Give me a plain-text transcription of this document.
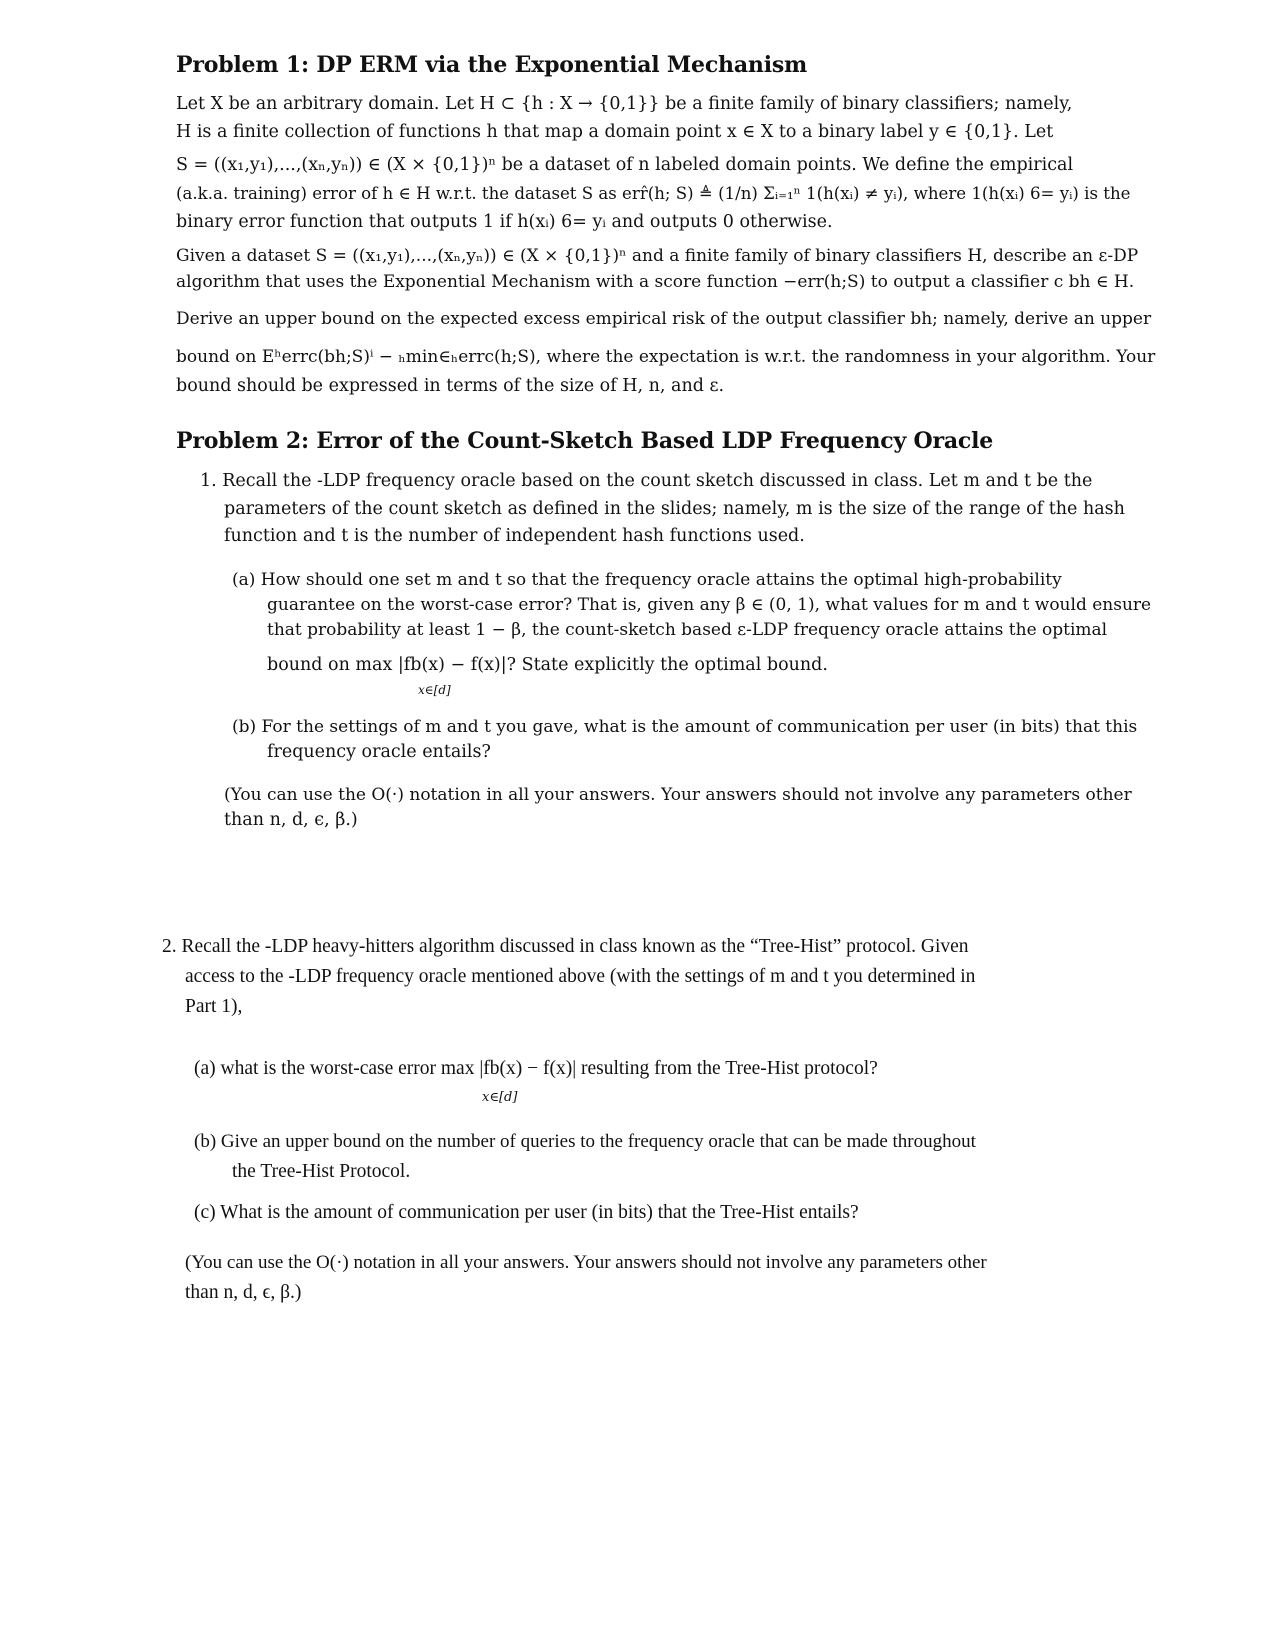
Problem 1: DP ERM via the Exponential Mechanism
Let X be an arbitrary domain. Let H ⊂ {h : X → {0,1}} be a finite family of binary classifiers; namely,
H is a finite collection of functions h that map a domain point x ∈ X to a binary label y ∈ {0,1}. Let
S = ((x₁,y₁),...,(xₙ,yₙ)) ∈ (X × {0,1})ⁿ be a dataset of n labeled domain points. We define the empirical
(a.k.a. training) error of h ∈ H w.r.t. the dataset S as err̂(h; S) ≜ (1/n) Σᵢ₌₁ⁿ 1(h(xᵢ) ≠ yᵢ), where 1(h(xᵢ) 6= yᵢ) is the
binary error function that outputs 1 if h(xᵢ) 6= yᵢ and outputs 0 otherwise.
Given a dataset S = ((x₁,y₁),...,(xₙ,yₙ)) ∈ (X × {0,1})ⁿ and a finite family of binary classifiers H, describe an ε-DP
algorithm that uses the Exponential Mechanism with a score function −err(h;S) to output a classifier c bh ∈ H.
Derive an upper bound on the expected excess empirical risk of the output classifier bh; namely, derive an upper
bound on Eʰerrc(bh;S)ⁱ − ₕmin∈ₕerrc(h;S), where the expectation is w.r.t. the randomness in your algorithm. Your
bound should be expressed in terms of the size of H, n, and ε.
Problem 2: Error of the Count-Sketch Based LDP Frequency Oracle
1. Recall the -LDP frequency oracle based on the count sketch discussed in class. Let m and t be the
parameters of the count sketch as defined in the slides; namely, m is the size of the range of the hash
function and t is the number of independent hash functions used.
(a) How should one set m and t so that the frequency oracle attains the optimal high-probability
guarantee on the worst-case error? That is, given any β ∈ (0, 1), what values for m and t would ensure
that probability at least 1 − β, the count-sketch based ε-LDP frequency oracle attains the optimal
bound on max |fb(x) − f(x)|? State explicitly the optimal bound.
x∈[d]
(b) For the settings of m and t you gave, what is the amount of communication per user (in bits) that this
frequency oracle entails?
(You can use the O(·) notation in all your answers. Your answers should not involve any parameters other
than n, d, ϵ, β.)
2. Recall the -LDP heavy-hitters algorithm discussed in class known as the “Tree-Hist” protocol. Given
access to the -LDP frequency oracle mentioned above (with the settings of m and t you determined in
Part 1),
(a) what is the worst-case error max |fb(x) − f(x)| resulting from the Tree-Hist protocol?
x∈[d]
(b) Give an upper bound on the number of queries to the frequency oracle that can be made throughout
the Tree-Hist Protocol.
(c) What is the amount of communication per user (in bits) that the Tree-Hist entails?
(You can use the O(·) notation in all your answers. Your answers should not involve any parameters other
than n, d, ϵ, β.)
